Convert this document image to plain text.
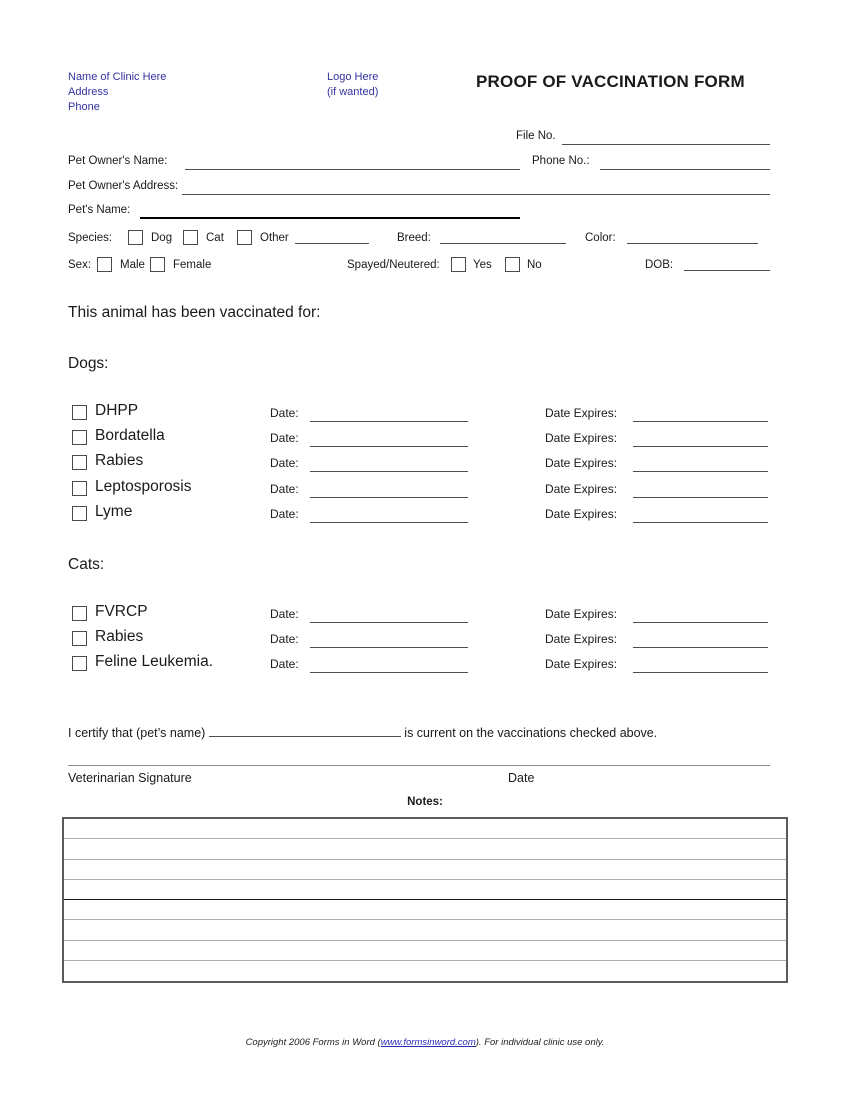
Name of Clinic Here
Address
Phone
Logo Here
(if wanted)
PROOF OF VACCINATION FORM
File No.
Pet Owner's Name:	Phone No.:
Pet Owner's Address:
Pet's Name:
Species:	Dog	Cat	Other	Breed:	Color:
Sex:	Male Female	Spayed/Neutered:	Yes	No	DOB:
This animal has been vaccinated for:
Dogs:
DHPP	Date:	Date Expires:
Bordatella	Date:	Date Expires:
Rabies	Date:	Date Expires:
Leptosporosis	Date:	Date Expires:
Lyme	Date:	Date Expires:
Cats:
FVRCP	Date:	Date Expires:
Rabies	Date:	Date Expires:
Feline Leukemia.	Date:	Date Expires:
I certify that (pet’s name)	is current on the vaccinations checked above.
Veterinarian Signature	Date
Notes:
Copyright 2006 Forms in Word (www.formsinword.com). For individual clinic use only.
